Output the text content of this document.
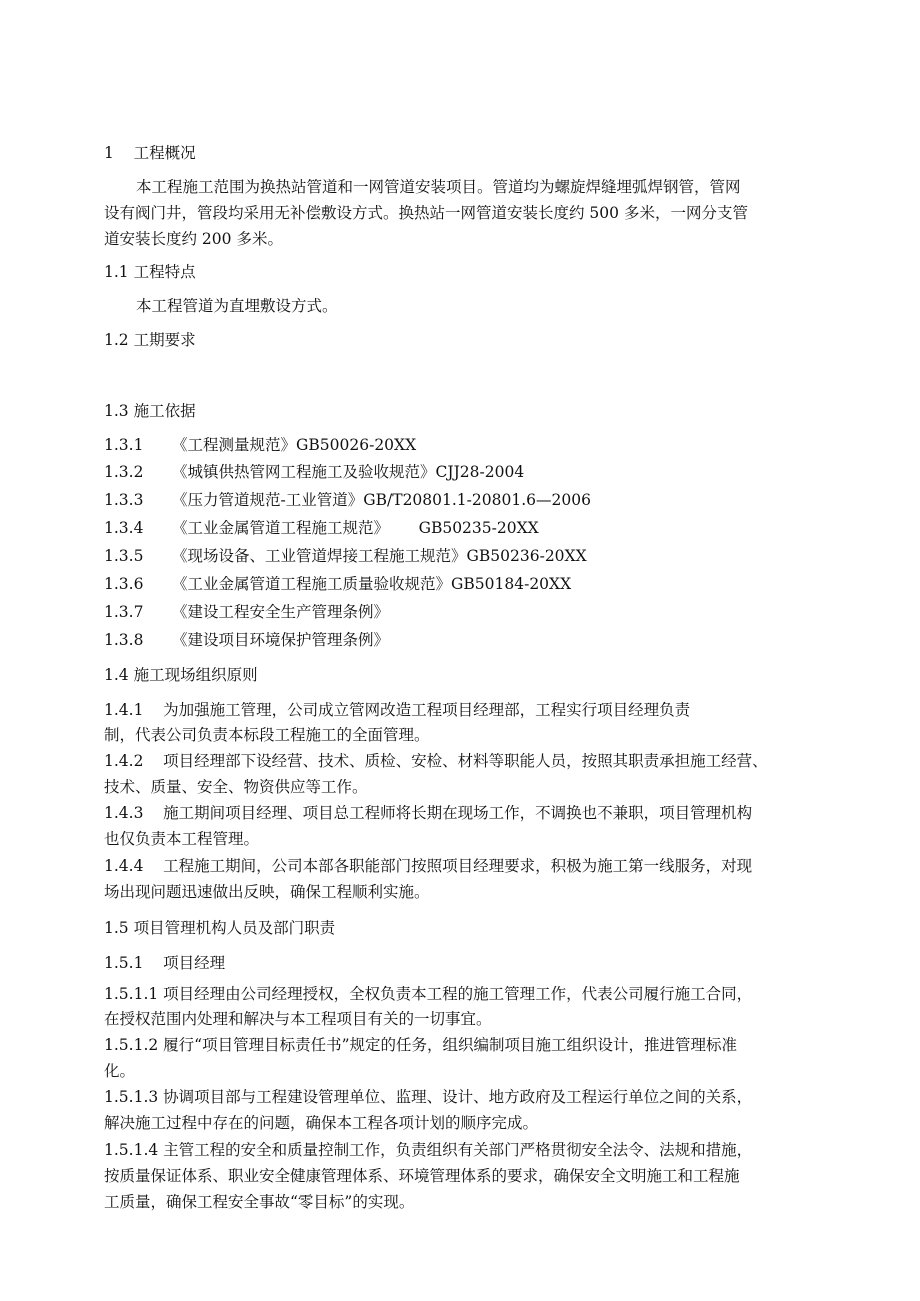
1    工程概况
本工程施工范围为换热站管道和一网管道安装项目。管道均为螺旋焊缝埋弧焊钢管，管网
设有阀门井，管段均采用无补偿敷设方式。换热站一网管道安装长度约 500 多米，一网分支管
道安装长度约 200 多米。
1.1 工程特点
本工程管道为直埋敷设方式。
1.2 工期要求
1.3 施工依据
1.3.1 《工程测量规范》GB50026-20XX
1.3.2 《城镇供热管网工程施工及验收规范》CJJ28-2004
1.3.3 《压力管道规范-工业管道》GB/T20801.1-20801.6—2006
1.3.4 《工业金属管道工程施工规范》      GB50235-20XX
1.3.5 《现场设备、工业管道焊接工程施工规范》GB50236-20XX
1.3.6 《工业金属管道工程施工质量验收规范》GB50184-20XX
1.3.7 《建设工程安全生产管理条例》
1.3.8 《建设项目环境保护管理条例》
1.4 施工现场组织原则
1.4.1    为加强施工管理，公司成立管网改造工程项目经理部，工程实行项目经理负责
制，代表公司负责本标段工程施工的全面管理。
1.4.2    项目经理部下设经营、技术、质检、安检、材料等职能人员，按照其职责承担施工经营、
技术、质量、安全、物资供应等工作。
1.4.3    施工期间项目经理、项目总工程师将长期在现场工作，不调换也不兼职，项目管理机构
也仅负责本工程管理。
1.4.4    工程施工期间，公司本部各职能部门按照项目经理要求，积极为施工第一线服务，对现
场出现问题迅速做出反映，确保工程顺利实施。
1.5 项目管理机构人员及部门职责
1.5.1    项目经理
1.5.1.1 项目经理由公司经理授权，全权负责本工程的施工管理工作，代表公司履行施工合同，
在授权范围内处理和解决与本工程项目有关的一切事宜。
1.5.1.2 履行“项目管理目标责任书”规定的任务，组织编制项目施工组织设计，推进管理标准
化。
1.5.1.3 协调项目部与工程建设管理单位、监理、设计、地方政府及工程运行单位之间的关系，
解决施工过程中存在的问题，确保本工程各项计划的顺序完成。
1.5.1.4 主管工程的安全和质量控制工作，负责组织有关部门严格贯彻安全法令、法规和措施，
按质量保证体系、职业安全健康管理体系、环境管理体系的要求，确保安全文明施工和工程施
工质量，确保工程安全事故“零目标”的实现。
